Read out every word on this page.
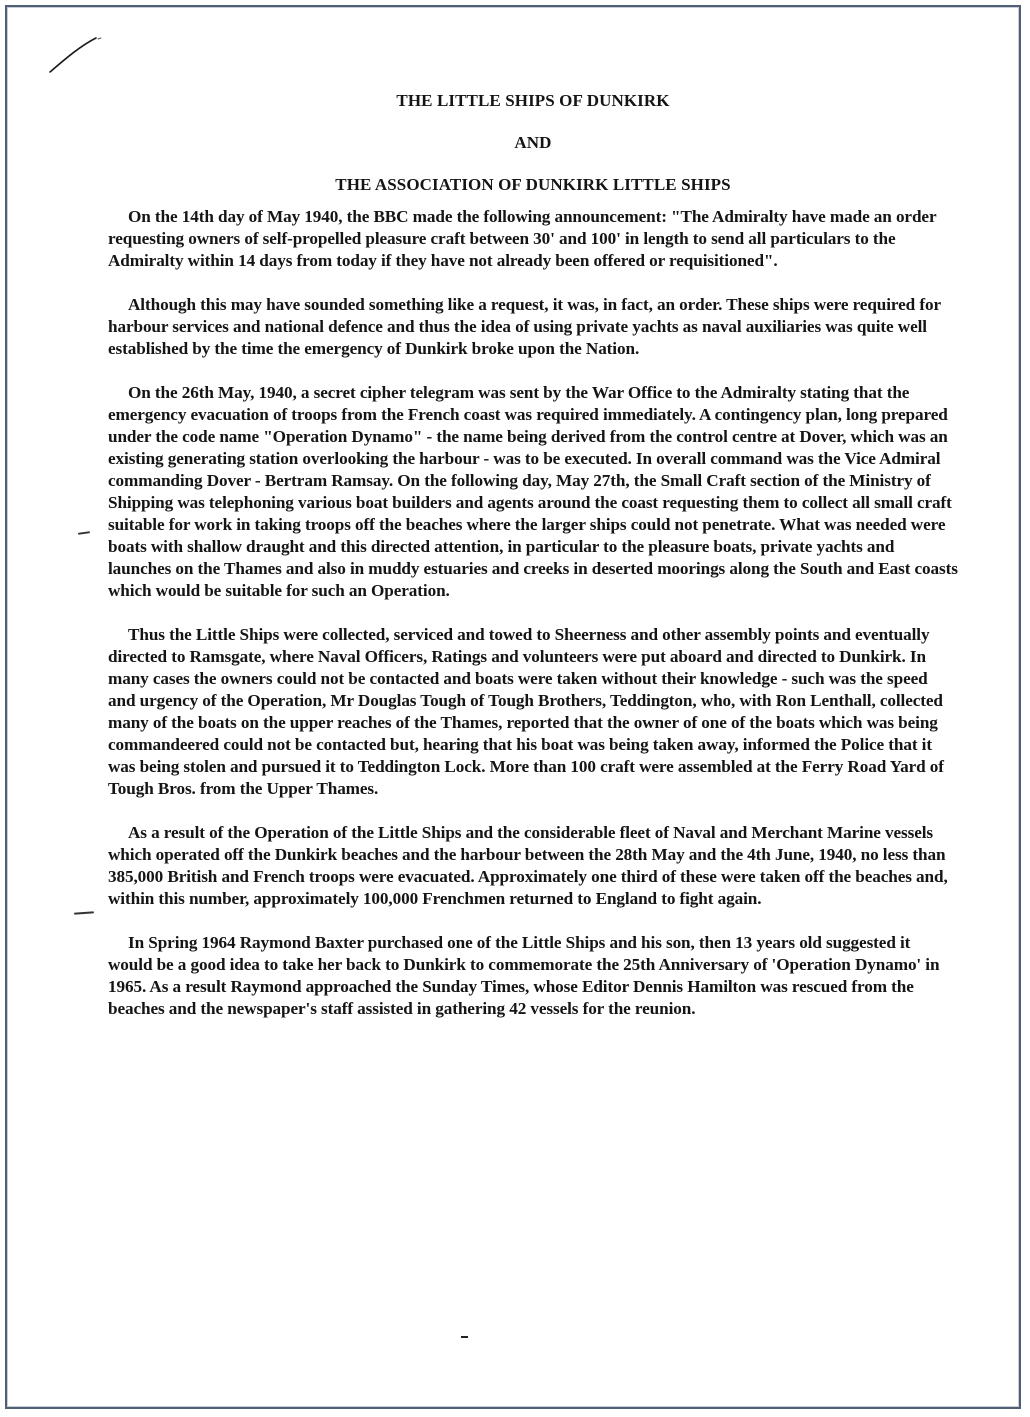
THE LITTLE SHIPS OF DUNKIRK

AND

THE ASSOCIATION OF DUNKIRK LITTLE SHIPS

On the 14th day of May 1940, the BBC made the following announcement: "The Admiralty have made an order requesting owners of self-propelled pleasure craft between 30' and 100' in length to send all particulars to the Admiralty within 14 days from today if they have not already been offered or requisitioned".

Although this may have sounded something like a request, it was, in fact, an order. These ships were required for harbour services and national defence and thus the idea of using private yachts as naval auxiliaries was quite well established by the time the emergency of Dunkirk broke upon the Nation.

On the 26th May, 1940, a secret cipher telegram was sent by the War Office to the Admiralty stating that the emergency evacuation of troops from the French coast was required immediately. A contingency plan, long prepared under the code name "Operation Dynamo" - the name being derived from the control centre at Dover, which was an existing generating station overlooking the harbour - was to be executed. In overall command was the Vice Admiral commanding Dover - Bertram Ramsay. On the following day, May 27th, the Small Craft section of the Ministry of Shipping was telephoning various boat builders and agents around the coast requesting them to collect all small craft suitable for work in taking troops off the beaches where the larger ships could not penetrate. What was needed were boats with shallow draught and this directed attention, in particular to the pleasure boats, private yachts and launches on the Thames and also in muddy estuaries and creeks in deserted moorings along the South and East coasts which would be suitable for such an Operation.

Thus the Little Ships were collected, serviced and towed to Sheerness and other assembly points and eventually directed to Ramsgate, where Naval Officers, Ratings and volunteers were put aboard and directed to Dunkirk. In many cases the owners could not be contacted and boats were taken without their knowledge - such was the speed and urgency of the Operation, Mr Douglas Tough of Tough Brothers, Teddington, who, with Ron Lenthall, collected many of the boats on the upper reaches of the Thames, reported that the owner of one of the boats which was being commandeered could not be contacted but, hearing that his boat was being taken away, informed the Police that it was being stolen and pursued it to Teddington Lock. More than 100 craft were assembled at the Ferry Road Yard of Tough Bros. from the Upper Thames.

As a result of the Operation of the Little Ships and the considerable fleet of Naval and Merchant Marine vessels which operated off the Dunkirk beaches and the harbour between the 28th May and the 4th June, 1940, no less than 385,000 British and French troops were evacuated. Approximately one third of these were taken off the beaches and, within this number, approximately 100,000 Frenchmen returned to England to fight again.

In Spring 1964 Raymond Baxter purchased one of the Little Ships and his son, then 13 years old suggested it would be a good idea to take her back to Dunkirk to commemorate the 25th Anniversary of 'Operation Dynamo' in 1965. As a result Raymond approached the Sunday Times, whose Editor Dennis Hamilton was rescued from the beaches and the newspaper's staff assisted in gathering 42 vessels for the reunion.
